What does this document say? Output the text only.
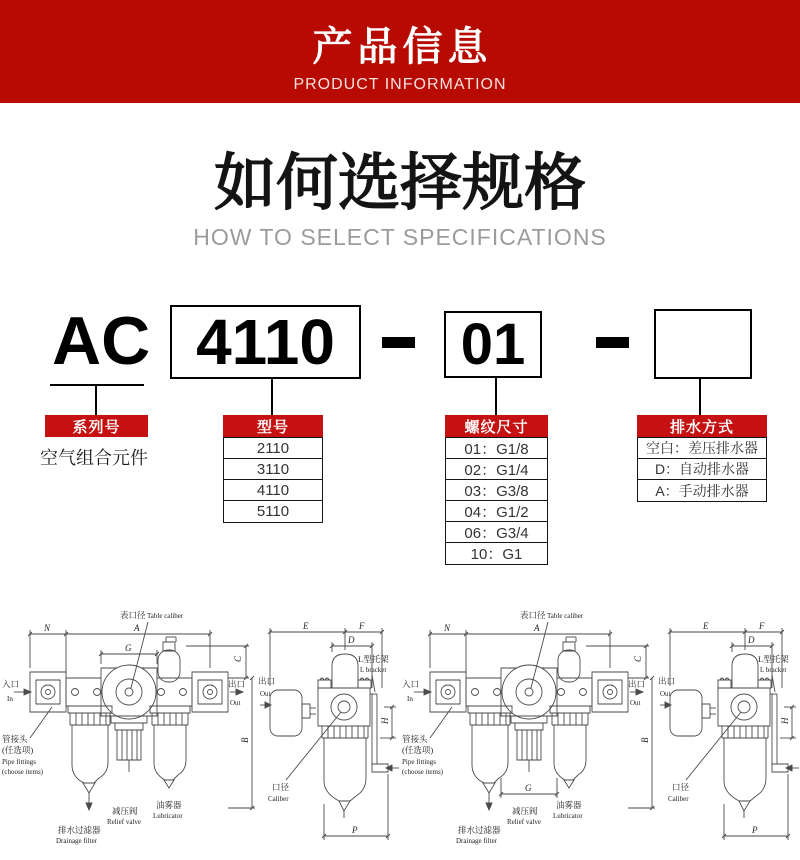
产品信息
PRODUCT INFORMATION
如何选择规格
HOW TO SELECT SPECIFICATIONS
AC 4110	01
系列号	型号	螺纹尺寸	排水方式
空气组合元件	2110
3110
4110
5110
01：G1/8
02：G1/4
03：G3/8
04：G1/2
06：G3/4
10：G1
空白：差压排水器
D：自动排水器
A：手动排水器
N	A
G
G
C
B
表口径 Table caliber
入口
In
出口
Out
管接头
(任选项)
Pipe fittings
(choose items)
减压阀
Relief valve
油雾器
Lubricator
排水过滤器
Drainage filter
E	F
D
H
P
出口
Out
L型托架
L bracket
口径
Caliber
N	A
G
G
C
B
表口径 Table caliber
入口
In
出口
Out
管接头
(任选项)
Pipe fittings
(choose items)
减压阀
Relief valve
油雾器
Lubricator
排水过滤器
Drainage filter
E	F
D
H
P
出口
Out
L型托架
L bracket
口径
Caliber
